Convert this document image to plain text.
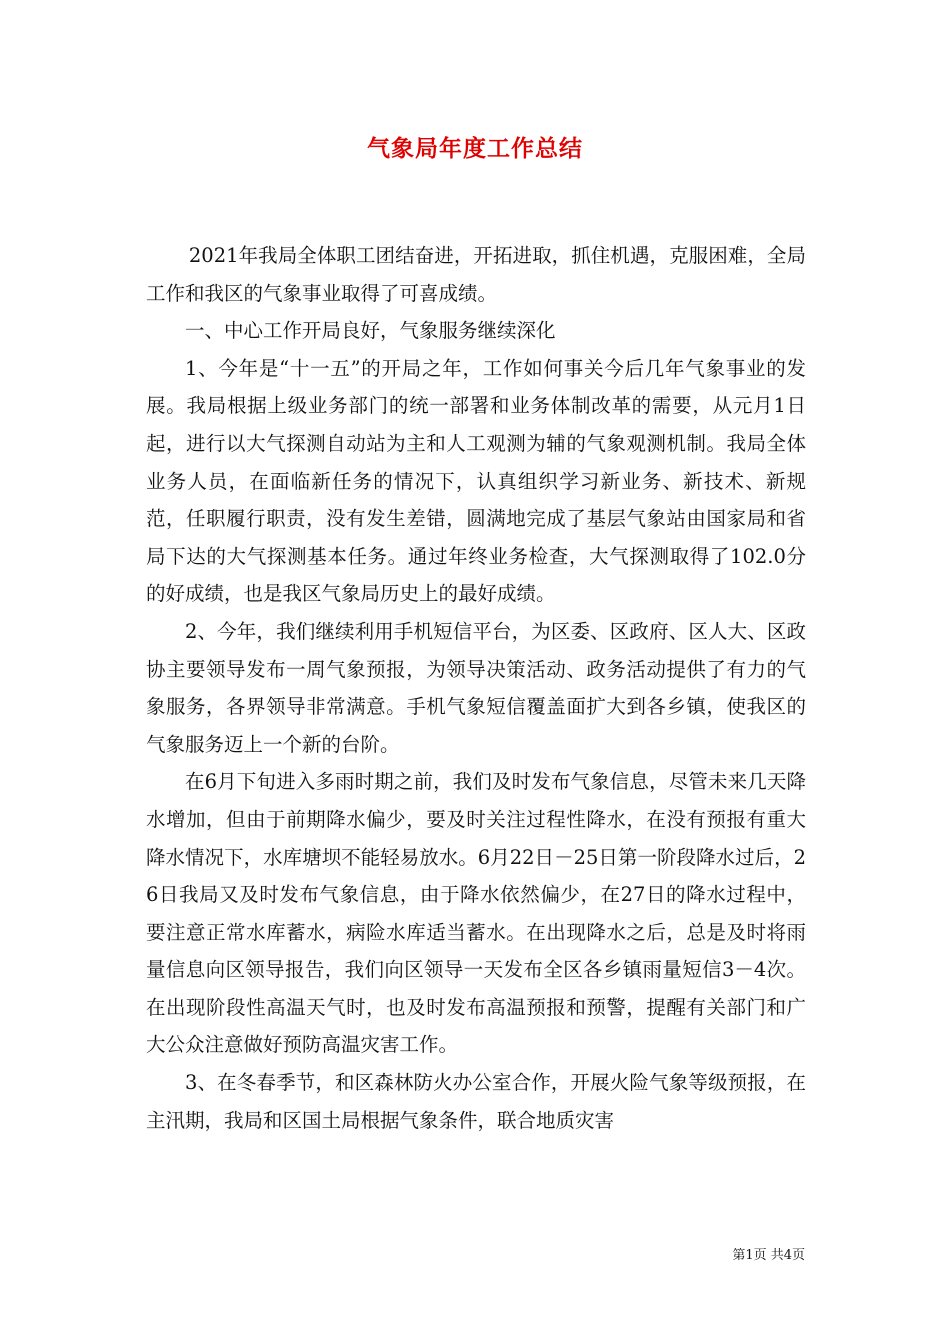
气象局年度工作总结

2021年我局全体职工团结奋进，开拓进取，抓住机遇，克服困难，全局工作和我区的气象事业取得了可喜成绩。

一、中心工作开局良好，气象服务继续深化

1、今年是“十一五”的开局之年，工作如何事关今后几年气象事业的发展。我局根据上级业务部门的统一部署和业务体制改革的需要，从元月1日起，进行以大气探测自动站为主和人工观测为辅的气象观测机制。我局全体业务人员，在面临新任务的情况下，认真组织学习新业务、新技术、新规范，任职履行职责，没有发生差错，圆满地完成了基层气象站由国家局和省局下达的大气探测基本任务。通过年终业务检查，大气探测取得了102.0分的好成绩，也是我区气象局历史上的最好成绩。

2、今年，我们继续利用手机短信平台，为区委、区政府、区人大、区政协主要领导发布一周气象预报，为领导决策活动、政务活动提供了有力的气象服务，各界领导非常满意。手机气象短信覆盖面扩大到各乡镇，使我区的气象服务迈上一个新的台阶。

在6月下旬进入多雨时期之前，我们及时发布气象信息，尽管未来几天降水增加，但由于前期降水偏少，要及时关注过程性降水，在没有预报有重大降水情况下，水库塘坝不能轻易放水。6月22日－25日第一阶段降水过后，26日我局又及时发布气象信息，由于降水依然偏少，在27日的降水过程中，要注意正常水库蓄水，病险水库适当蓄水。在出现降水之后，总是及时将雨量信息向区领导报告，我们向区领导一天发布全区各乡镇雨量短信3－4次。在出现阶段性高温天气时，也及时发布高温预报和预警，提醒有关部门和广大公众注意做好预防高温灾害工作。

3、在冬春季节，和区森林防火办公室合作，开展火险气象等级预报，在主汛期，我局和区国土局根据气象条件，联合地质灾害

第1页 共4页
